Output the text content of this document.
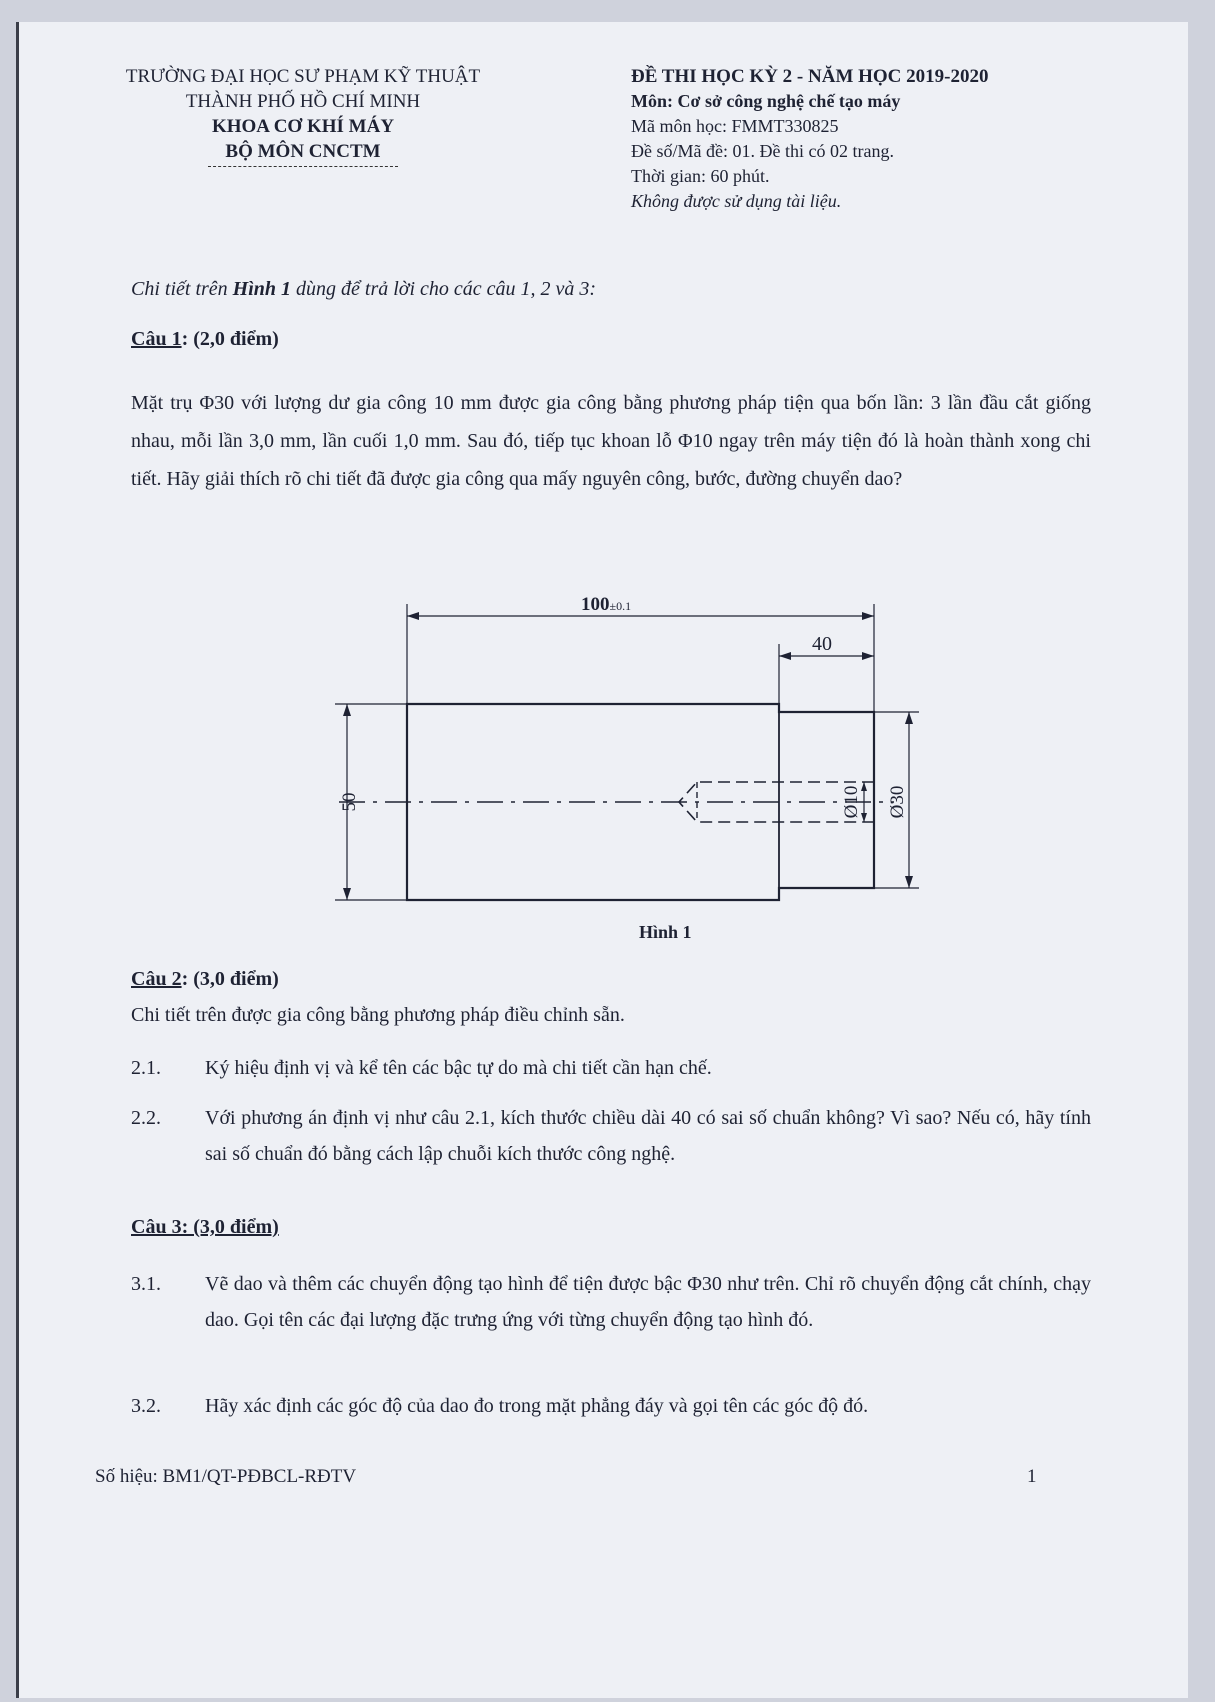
TRƯỜNG ĐẠI HỌC SƯ PHẠM KỸ THUẬT
THÀNH PHỐ HỒ CHÍ MINH
KHOA CƠ KHÍ MÁY
BỘ MÔN CNCTM
ĐỀ THI HỌC KỲ 2 - NĂM HỌC 2019-2020
Môn: Cơ sở công nghệ chế tạo máy
Mã môn học: FMMT330825
Đề số/Mã đề: 01. Đề thi có 02 trang.
Thời gian: 60 phút.
Không được sử dụng tài liệu.
Chi tiết trên Hình 1 dùng để trả lời cho các câu 1, 2 và 3:
Câu 1: (2,0 điểm)
Mặt trụ Φ30 với lượng dư gia công 10 mm được gia công bằng phương pháp tiện qua bốn lần: 3 lần đầu cắt giống nhau, mỗi lần 3,0 mm, lần cuối 1,0 mm. Sau đó, tiếp tục khoan lỗ Φ10 ngay trên máy tiện đó là hoàn thành xong chi tiết. Hãy giải thích rõ chi tiết đã được gia công qua mấy nguyên công, bước, đường chuyển dao?
100±0.1
40
50	Ø10 Ø30
Hình 1
Câu 2: (3,0 điểm)
Chi tiết trên được gia công bằng phương pháp điều chỉnh sẵn.
2.1. Ký hiệu định vị và kể tên các bậc tự do mà chi tiết cần hạn chế.
2.2. Với phương án định vị như câu 2.1, kích thước chiều dài 40 có sai số chuẩn không? Vì sao? Nếu có, hãy tính sai số chuẩn đó bằng cách lập chuỗi kích thước công nghệ.
Câu 3: (3,0 điểm)
3.1. Vẽ dao và thêm các chuyển động tạo hình để tiện được bậc Φ30 như trên. Chỉ rõ chuyển động cắt chính, chạy dao. Gọi tên các đại lượng đặc trưng ứng với từng chuyển động tạo hình đó.
3.2. Hãy xác định các góc độ của dao đo trong mặt phẳng đáy và gọi tên các góc độ đó.
Số hiệu: BM1/QT-PĐBCL-RĐTV	1
